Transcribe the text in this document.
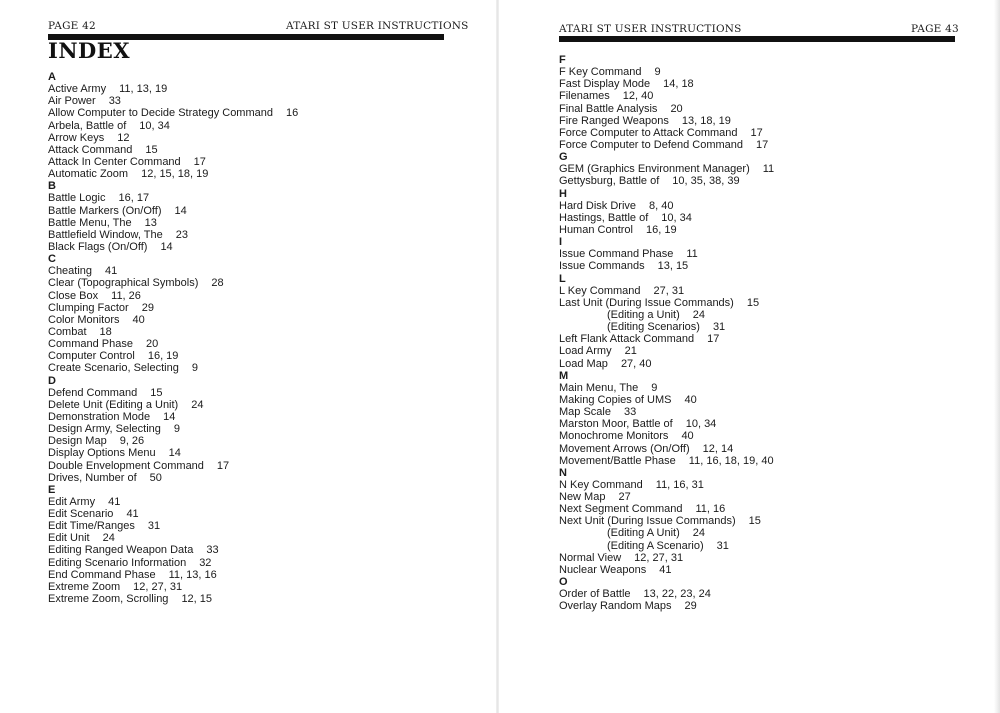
PAGE 42	ATARI ST USER INSTRUCTIONS
INDEX
A
Active Army 11, 13, 19
Air Power 33
Allow Computer to Decide Strategy Command 16
Arbela, Battle of 10, 34
Arrow Keys 12
Attack Command 15
Attack In Center Command 17
Automatic Zoom 12, 15, 18, 19
B
Battle Logic 16, 17
Battle Markers (On/Off) 14
Battle Menu, The 13
Battlefield Window, The 23
Black Flags (On/Off) 14
C
Cheating 41
Clear (Topographical Symbols) 28
Close Box 11, 26
Clumping Factor 29
Color Monitors 40
Combat 18
Command Phase 20
Computer Control 16, 19
Create Scenario, Selecting 9
D
Defend Command 15
Delete Unit (Editing a Unit) 24
Demonstration Mode 14
Design Army, Selecting 9
Design Map 9, 26
Display Options Menu 14
Double Envelopment Command 17
Drives, Number of 50
E
Edit Army 41
Edit Scenario 41
Edit Time/Ranges 31
Edit Unit 24
Editing Ranged Weapon Data 33
Editing Scenario Information 32
End Command Phase 11, 13, 16
Extreme Zoom 12, 27, 31
Extreme Zoom, Scrolling 12, 15
ATARI ST USER INSTRUCTIONS	PAGE 43
F
F Key Command 9
Fast Display Mode 14, 18
Filenames 12, 40
Final Battle Analysis 20
Fire Ranged Weapons 13, 18, 19
Force Computer to Attack Command 17
Force Computer to Defend Command 17
G
GEM (Graphics Environment Manager) 11
Gettysburg, Battle of 10, 35, 38, 39
H
Hard Disk Drive 8, 40
Hastings, Battle of 10, 34
Human Control 16, 19
I
Issue Command Phase 11
Issue Commands 13, 15
L
L Key Command 27, 31
Last Unit (During Issue Commands) 15
(Editing a Unit) 24
(Editing Scenarios) 31
Left Flank Attack Command 17
Load Army 21
Load Map 27, 40
M
Main Menu, The 9
Making Copies of UMS 40
Map Scale 33
Marston Moor, Battle of 10, 34
Monochrome Monitors 40
Movement Arrows (On/Off) 12, 14
Movement/Battle Phase 11, 16, 18, 19, 40
N
N Key Command 11, 16, 31
New Map 27
Next Segment Command 11, 16
Next Unit (During Issue Commands) 15
(Editing A Unit) 24
(Editing A Scenario) 31
Normal View 12, 27, 31
Nuclear Weapons 41
O
Order of Battle 13, 22, 23, 24
Overlay Random Maps 29
